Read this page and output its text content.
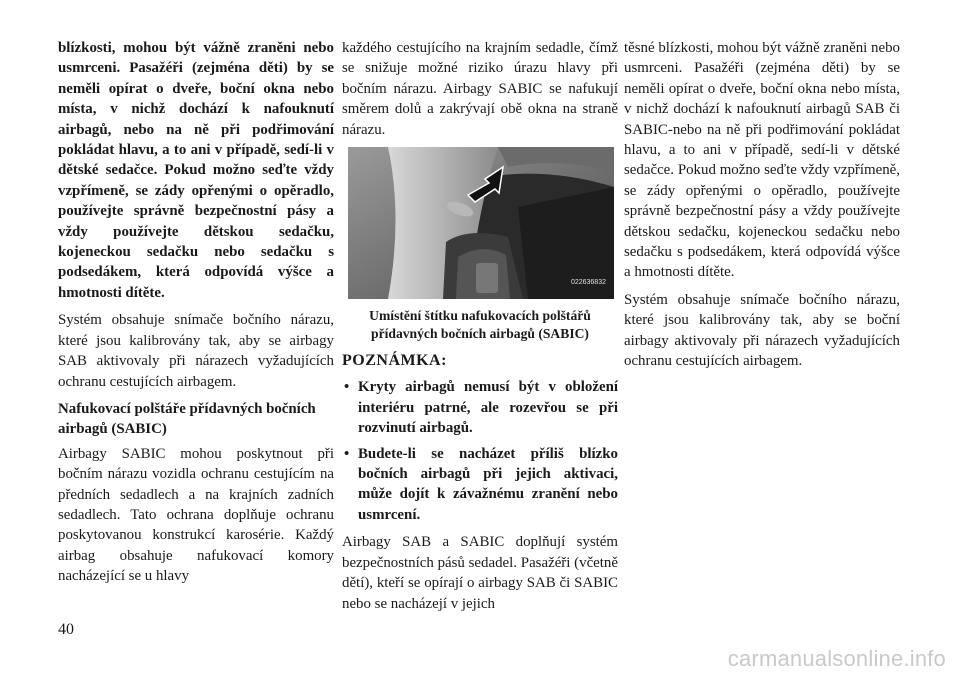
blízkosti, mohou být vážně zraněni nebo usmrceni. Pasažéři (zejména děti) by se neměli opírat o dveře, boční okna nebo místa, v nichž dochází k nafouknutí airbagů, nebo na ně při podřimování pokládat hlavu, a to ani v případě, sedí-li v dětské sedačce. Pokud možno seďte vždy vzpřímeně, se zády opřenými o opěradlo, používejte správně bezpečnostní pásy a vždy používejte dětskou sedačku, kojeneckou sedačku nebo sedačku s podsedákem, která odpovídá výšce a hmotnosti dítěte.

Systém obsahuje snímače bočního nárazu, které jsou kalibrovány tak, aby se airbagy SAB aktivovaly při nárazech vyžadujících ochranu cestujících airbagem.

Nafukovací polštáře přídavných bočních airbagů (SABIC)

Airbagy SABIC mohou poskytnout při bočním nárazu vozidla ochranu cestujícím na předních sedadlech a na krajních zadních sedadlech. Tato ochrana doplňuje ochranu poskytovanou konstrukcí karosérie. Každý airbag obsahuje nafukovací komory nacházející se u hlavy

každého cestujícího na krajním sedadle, čímž se snižuje možné riziko úrazu hlavy při bočním nárazu. Airbagy SABIC se nafukují směrem dolů a zakrývají obě okna na straně nárazu.

022636832
Umístění štítku nafukovacích polštářů přídavných bočních airbagů (SABIC)
POZNÁMKA:
• Kryty airbagů nemusí být v obložení interiéru patrné, ale rozevřou se při rozvinutí airbagů.
• Budete-li se nacházet příliš blízko bočních airbagů při jejich aktivaci, může dojít k závažnému zranění nebo usmrcení.

Airbagy SAB a SABIC doplňují systém bezpečnostních pásů sedadel. Pasažéři (včetně dětí), kteří se opírají o airbagy SAB či SABIC nebo se nacházejí v jejich

těsné blízkosti, mohou být vážně zraněni nebo usmrceni. Pasažéři (zejména děti) by se neměli opírat o dveře, boční okna nebo místa, v nichž dochází k nafouknutí airbagů SAB či SABIC-nebo na ně při podřimování pokládat hlavu, a to ani v případě, sedí-li v dětské sedačce. Pokud možno seďte vždy vzpřímeně, se zády opřenými o opěradlo, používejte správně bezpečnostní pásy a vždy používejte dětskou sedačku, kojeneckou sedačku nebo sedačku s podsedákem, která odpovídá výšce a hmotnosti dítěte.

Systém obsahuje snímače bočního nárazu, které jsou kalibrovány tak, aby se boční airbagy aktivovaly při nárazech vyžadujících ochranu cestujících airbagem.

40
carmanualsonline.info
